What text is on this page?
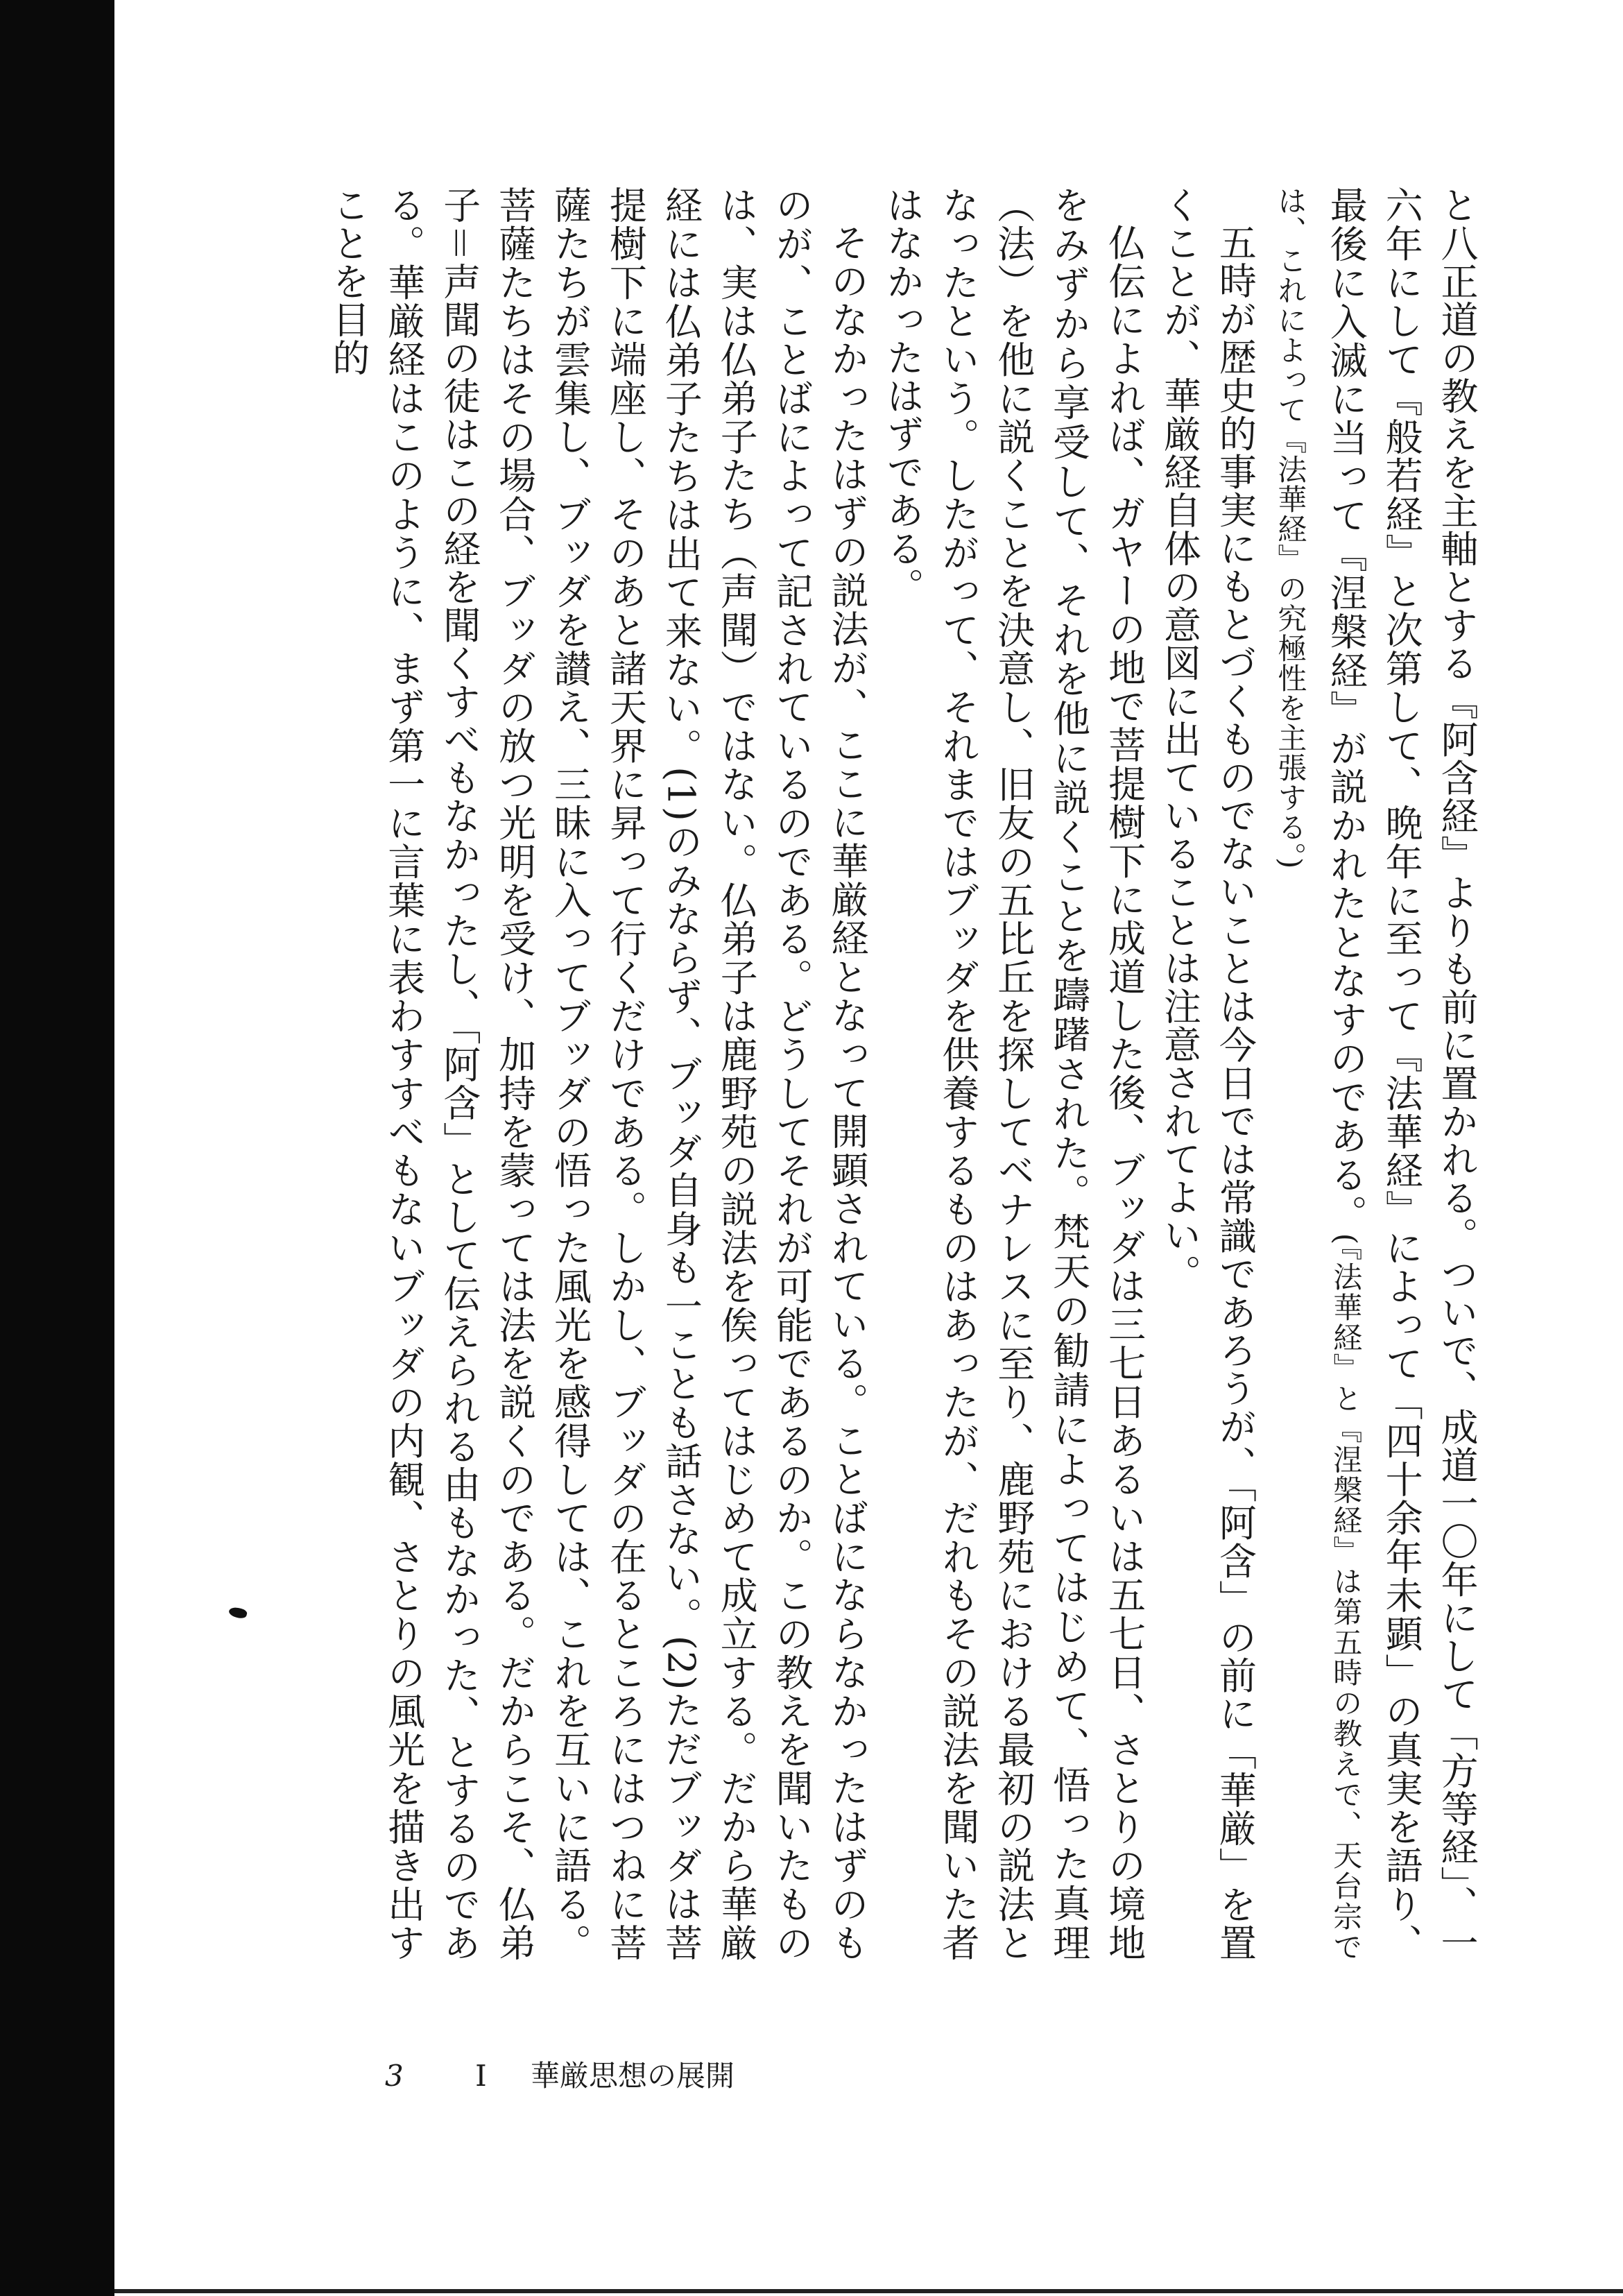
と八正道の教えを主軸とする『阿含経』よりも前に置かれる。ついで、成道一〇年にして「方等経」、一六年にして『般若経』と次第して、晩年に至って『法華経』によって「四十余年未顕」の真実を語り、最後に入滅に当って『涅槃経』が説かれたとなすのである。(『法華経』と『涅槃経』は第五時の教えで、天台宗では、これによって『法華経』の究極性を主張する。)

五時が歴史的事実にもとづくものでないことは今日では常識であろうが、「阿含」の前に「華厳」を置くことが、華厳経自体の意図に出ていることは注意されてよい。

仏伝によれば、ガヤーの地で菩提樹下に成道した後、ブッダは三七日あるいは五七日、さとりの境地をみずから享受して、それを他に説くことを躊躇された。梵天の勧請によってはじめて、悟った真理（法）を他に説くことを決意し、旧友の五比丘を探してベナレスに至り、鹿野苑における最初の説法となったという。したがって、それまではブッダを供養するものはあったが、だれもその説法を聞いた者はなかったはずである。

そのなかったはずの説法が、ここに華厳経となって開顕されている。ことばにならなかったはずのものが、ことばによって記されているのである。どうしてそれが可能であるのか。この教えを聞いたものは、実は仏弟子たち（声聞）ではない。仏弟子は鹿野苑の説法を俟ってはじめて成立する。だから華厳経には仏弟子たちは出て来ない。(1)のみならず、ブッダ自身も一ことも話さない。(2)ただブッダは菩提樹下に端座し、そのあと諸天界に昇って行くだけである。しかし、ブッダの在るところにはつねに菩薩たちが雲集し、ブッダを讃え、三昧に入ってブッダの悟った風光を感得しては、これを互いに語る。菩薩たちはその場合、ブッダの放つ光明を受け、加持を蒙っては法を説くのである。だからこそ、仏弟子＝声聞の徒はこの経を聞くすべもなかったし、「阿含」として伝えられる由もなかった、とするのである。華厳経はこのように、まず第一に言葉に表わすすべもないブッダの内観、さとりの風光を描き出すことを目的

3 I 華厳思想の展開
